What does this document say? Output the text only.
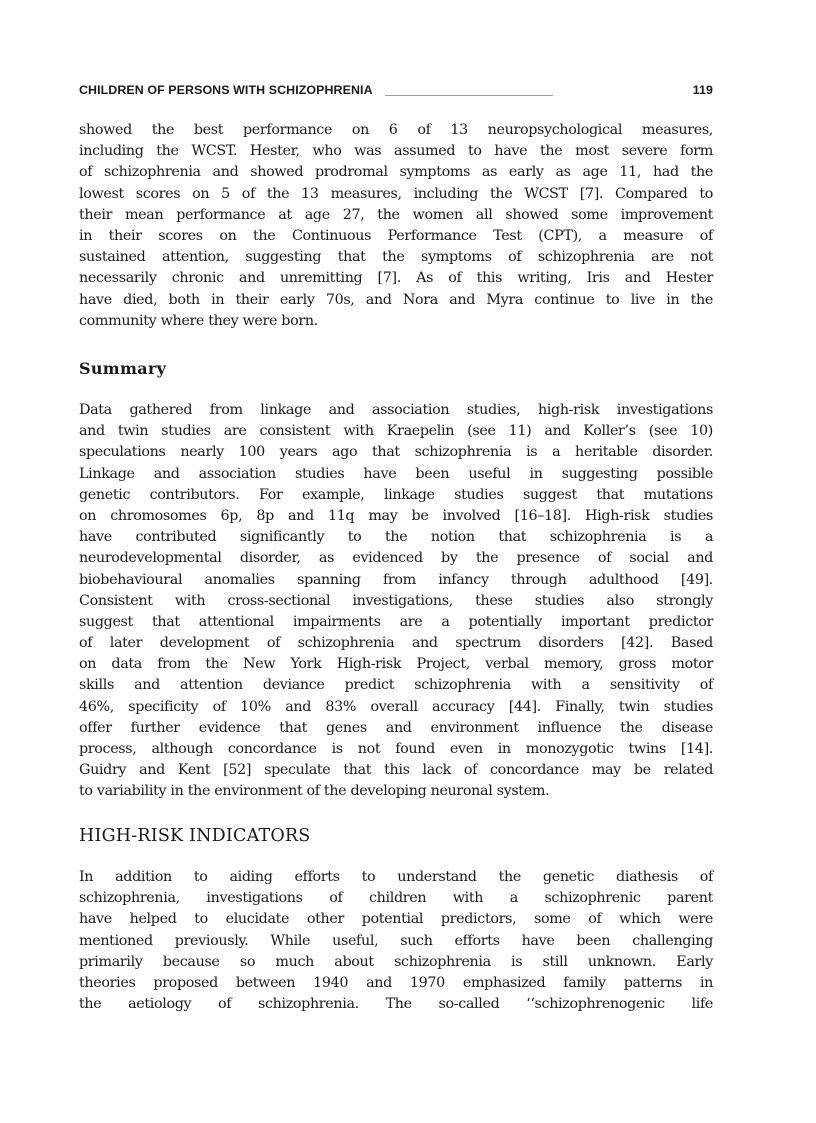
CHILDREN OF PERSONS WITH SCHIZOPHRENIA	119
showed the best performance on 6 of 13 neuropsychological measures,
including the WCST. Hester, who was assumed to have the most severe form
of schizophrenia and showed prodromal symptoms as early as age 11, had the
lowest scores on 5 of the 13 measures, including the WCST [7]. Compared to
their mean performance at age 27, the women all showed some improvement
in their scores on the Continuous Performance Test (CPT), a measure of
sustained attention, suggesting that the symptoms of schizophrenia are not
necessarily chronic and unremitting [7]. As of this writing, Iris and Hester
have died, both in their early 70s, and Nora and Myra continue to live in the
community where they were born.
Summary
Data gathered from linkage and association studies, high-risk investigations
and twin studies are consistent with Kraepelin (see 11) and Koller’s (see 10)
speculations nearly 100 years ago that schizophrenia is a heritable disorder.
Linkage and association studies have been useful in suggesting possible
genetic contributors. For example, linkage studies suggest that mutations
on chromosomes 6p, 8p and 11q may be involved [16–18]. High-risk studies
have contributed significantly to the notion that schizophrenia is a
neurodevelopmental disorder, as evidenced by the presence of social and
biobehavioural anomalies spanning from infancy through adulthood [49].
Consistent with cross-sectional investigations, these studies also strongly
suggest that attentional impairments are a potentially important predictor
of later development of schizophrenia and spectrum disorders [42]. Based
on data from the New York High-risk Project, verbal memory, gross motor
skills and attention deviance predict schizophrenia with a sensitivity of
46%, specificity of 10% and 83% overall accuracy [44]. Finally, twin studies
offer further evidence that genes and environment influence the disease
process, although concordance is not found even in monozygotic twins [14].
Guidry and Kent [52] speculate that this lack of concordance may be related
to variability in the environment of the developing neuronal system.
HIGH-RISK INDICATORS
In addition to aiding efforts to understand the genetic diathesis of
schizophrenia, investigations of children with a schizophrenic parent
have helped to elucidate other potential predictors, some of which were
mentioned previously. While useful, such efforts have been challenging
primarily because so much about schizophrenia is still unknown. Early
theories proposed between 1940 and 1970 emphasized family patterns in
the aetiology of schizophrenia. The so-called ‘‘schizophrenogenic life
